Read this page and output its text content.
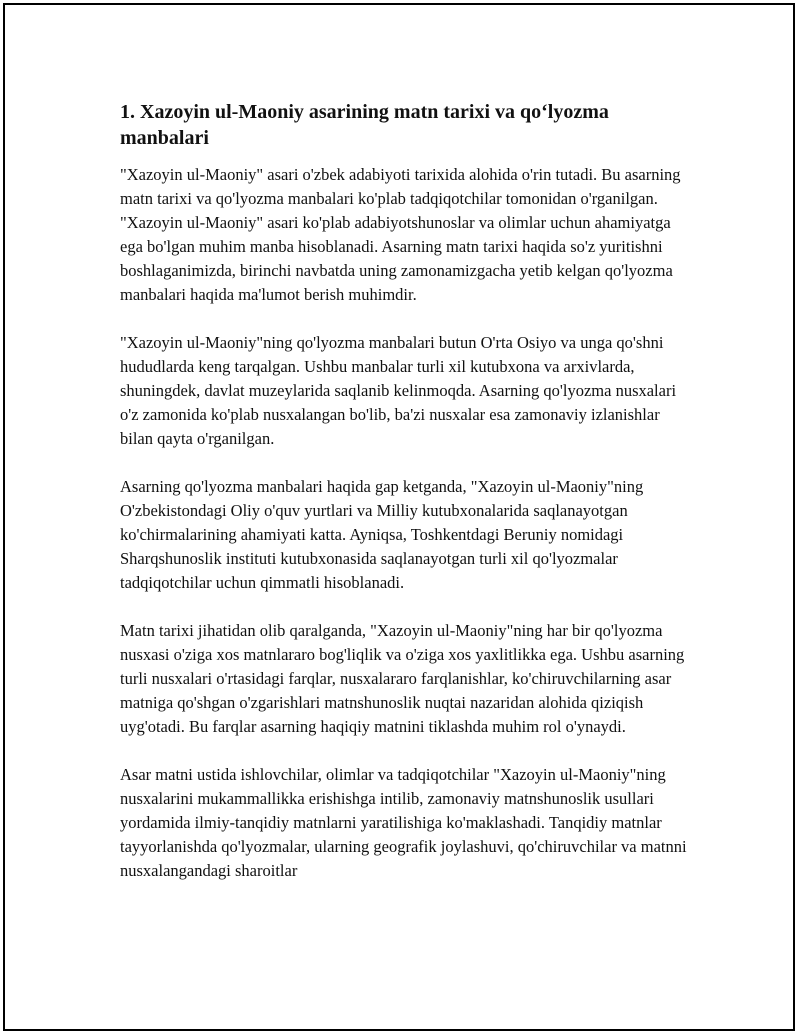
1. Xazoyin ul-Maoniy asarining matn tarixi va qo‘lyozma manbalari

"Xazoyin ul-Maoniy" asari o'zbek adabiyoti tarixida alohida o'rin tutadi. Bu asarning matn tarixi va qo'lyozma manbalari ko'plab tadqiqotchilar tomonidan o'rganilgan. "Xazoyin ul-Maoniy" asari ko'plab adabiyotshunoslar va olimlar uchun ahamiyatga ega bo'lgan muhim manba hisoblanadi. Asarning matn tarixi haqida so'z yuritishni boshlaganimizda, birinchi navbatda uning zamonamizgacha yetib kelgan qo'lyozma manbalari haqida ma'lumot berish muhimdir.

"Xazoyin ul-Maoniy"ning qo'lyozma manbalari butun O'rta Osiyo va unga qo'shni hududlarda keng tarqalgan. Ushbu manbalar turli xil kutubxona va arxivlarda, shuningdek, davlat muzeylarida saqlanib kelinmoqda. Asarning qo'lyozma nusxalari o'z zamonida ko'plab nusxalangan bo'lib, ba'zi nusxalar esa zamonaviy izlanishlar bilan qayta o'rganilgan.

Asarning qo'lyozma manbalari haqida gap ketganda, "Xazoyin ul-Maoniy"ning O'zbekistondagi Oliy o'quv yurtlari va Milliy kutubxonalarida saqlanayotgan ko'chirmalarining ahamiyati katta. Ayniqsa, Toshkentdagi Beruniy nomidagi Sharqshunoslik instituti kutubxonasida saqlanayotgan turli xil qo'lyozmalar tadqiqotchilar uchun qimmatli hisoblanadi.

Matn tarixi jihatidan olib qaralganda, "Xazoyin ul-Maoniy"ning har bir qo'lyozma nusxasi o'ziga xos matnlararo bog'liqlik va o'ziga xos yaxlitlikka ega. Ushbu asarning turli nusxalari o'rtasidagi farqlar, nusxalararo farqlanishlar, ko'chiruvchilarning asar matniga qo'shgan o'zgarishlari matnshunoslik nuqtai nazaridan alohida qiziqish uyg'otadi. Bu farqlar asarning haqiqiy matnini tiklashda muhim rol o'ynaydi.

Asar matni ustida ishlovchilar, olimlar va tadqiqotchilar "Xazoyin ul-Maoniy"ning nusxalarini mukammallikka erishishga intilib, zamonaviy matnshunoslik usullari yordamida ilmiy-tanqidiy matnlarni yaratilishiga ko'maklashadi. Tanqidiy matnlar tayyorlanishda qo'lyozmalar, ularning geografik joylashuvi, qo'chiruvchilar va matnni nusxalangandagi sharoitlar
